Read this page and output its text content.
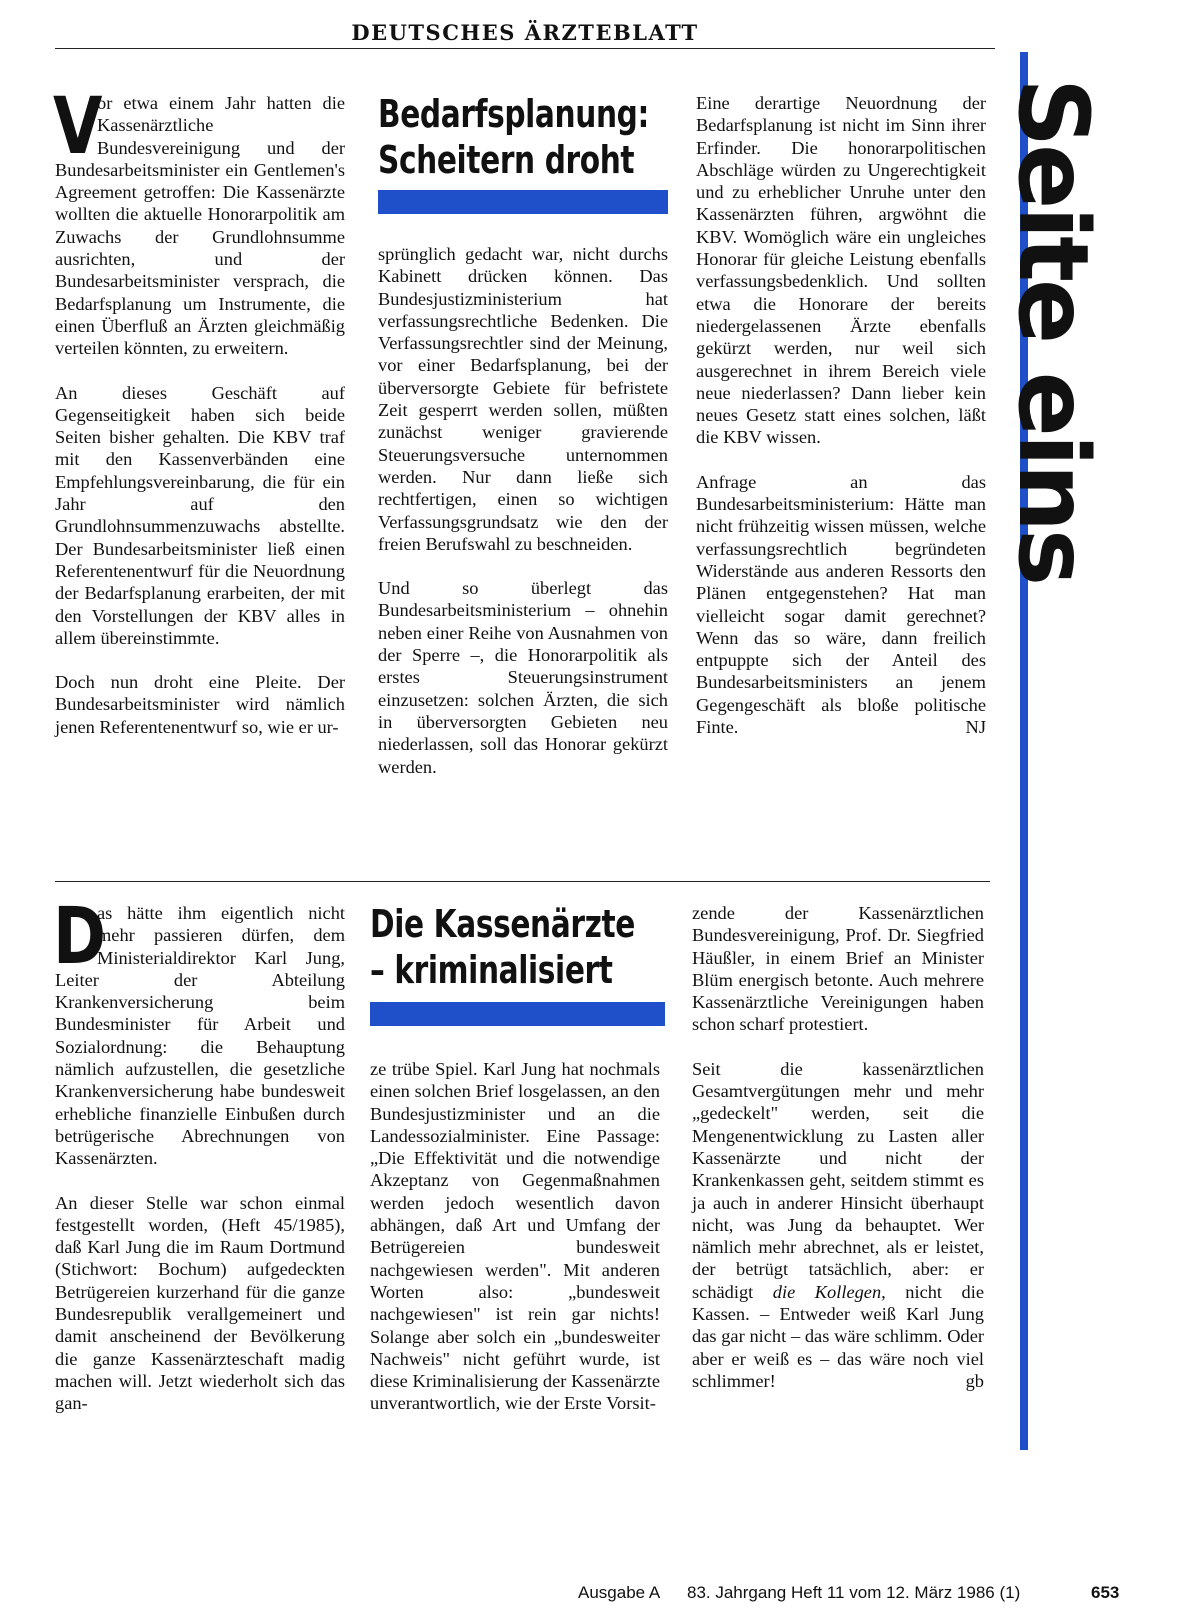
DEUTSCHES ÄRZTEBLATT
Seite eins

V
or etwa einem Jahr hatten die Kassenärztliche Bundesvereinigung und der Bundesarbeitsminister ein Gentlemen's Agreement getroffen: Die Kassenärzte wollten die aktuelle Honorarpolitik am Zuwachs der Grundlohnsumme ausrichten, und der Bundesarbeitsminister versprach, die Bedarfsplanung um Instrumente, die einen Überfluß an Ärzten gleichmäßig verteilen könnten, zu erweitern.

An dieses Geschäft auf Gegenseitigkeit haben sich beide Seiten bisher gehalten. Die KBV traf mit den Kassenverbänden eine Empfehlungsvereinbarung, die für ein Jahr auf den Grundlohnsummenzuwachs abstellte. Der Bundesarbeitsminister ließ einen Referentenentwurf für die Neuordnung der Bedarfsplanung erarbeiten, der mit den Vorstellungen der KBV alles in allem übereinstimmte.

Doch nun droht eine Pleite. Der Bundesarbeitsminister wird nämlich jenen Referentenentwurf so, wie er ur-

Bedarfsplanung:
Scheitern droht

sprünglich gedacht war, nicht durchs Kabinett drücken können. Das Bundesjustizministerium hat verfassungsrechtliche Bedenken. Die Verfassungsrechtler sind der Meinung, vor einer Bedarfsplanung, bei der überversorgte Gebiete für befristete Zeit gesperrt werden sollen, müßten zunächst weniger gravierende Steuerungsversuche unternommen werden. Nur dann ließe sich rechtfertigen, einen so wichtigen Verfassungsgrundsatz wie den der freien Berufswahl zu beschneiden.

Und so überlegt das Bundesarbeitsministerium – ohnehin neben einer Reihe von Ausnahmen von der Sperre –, die Honorarpolitik als erstes Steuerungsinstrument einzusetzen: solchen Ärzten, die sich in überversorgten Gebieten neu niederlassen, soll das Honorar gekürzt werden.

Eine derartige Neuordnung der Bedarfsplanung ist nicht im Sinn ihrer Erfinder. Die honorarpolitischen Abschläge würden zu Ungerechtigkeit und zu erheblicher Unruhe unter den Kassenärzten führen, argwöhnt die KBV. Womöglich wäre ein ungleiches Honorar für gleiche Leistung ebenfalls verfassungsbedenklich. Und sollten etwa die Honorare der bereits niedergelassenen Ärzte ebenfalls gekürzt werden, nur weil sich ausgerechnet in ihrem Bereich viele neue niederlassen? Dann lieber kein neues Gesetz statt eines solchen, läßt die KBV wissen.

Anfrage an das Bundesarbeitsministerium: Hätte man nicht frühzeitig wissen müssen, welche verfassungsrechtlich begründeten Widerstände aus anderen Ressorts den Plänen entgegenstehen? Hat man vielleicht sogar damit gerechnet? Wenn das so wäre, dann freilich entpuppte sich der Anteil des Bundesarbeitsministers an jenem Gegengeschäft als bloße politische Finte.	NJ

D
as hätte ihm eigentlich nicht mehr passieren dürfen, dem Ministerialdirektor Karl Jung, Leiter der Abteilung Krankenversicherung beim Bundesminister für Arbeit und Sozialordnung: die Behauptung nämlich aufzustellen, die gesetzliche Krankenversicherung habe bundesweit erhebliche finanzielle Einbußen durch betrügerische Abrechnungen von Kassenärzten.

An dieser Stelle war schon einmal festgestellt worden, (Heft 45/1985), daß Karl Jung die im Raum Dortmund (Stichwort: Bochum) aufgedeckten Betrügereien kurzerhand für die ganze Bundesrepublik verallgemeinert und damit anscheinend der Bevölkerung die ganze Kassenärzteschaft madig machen will. Jetzt wiederholt sich das gan-

Die Kassenärzte
– kriminalisiert

ze trübe Spiel. Karl Jung hat nochmals einen solchen Brief losgelassen, an den Bundesjustizminister und an die Landessozialminister. Eine Passage: „Die Effektivität und die notwendige Akzeptanz von Gegenmaßnahmen werden jedoch wesentlich davon abhängen, daß Art und Umfang der Betrügereien bundesweit nachgewiesen werden". Mit anderen Worten also: „bundesweit nachgewiesen" ist rein gar nichts! Solange aber solch ein „bundesweiter Nachweis" nicht geführt wurde, ist diese Kriminalisierung der Kassenärzte unverantwortlich, wie der Erste Vorsit-

zende der Kassenärztlichen Bundesvereinigung, Prof. Dr. Siegfried Häußler, in einem Brief an Minister Blüm energisch betonte. Auch mehrere Kassenärztliche Vereinigungen haben schon scharf protestiert.

Seit die kassenärztlichen Gesamtvergütungen mehr und mehr „gedeckelt" werden, seit die Mengenentwicklung zu Lasten aller Kassenärzte und nicht der Krankenkassen geht, seitdem stimmt es ja auch in anderer Hinsicht überhaupt nicht, was Jung da behauptet. Wer nämlich mehr abrechnet, als er leistet, der betrügt tatsächlich, aber: er schädigt die Kollegen, nicht die Kassen. – Entweder weiß Karl Jung das gar nicht – das wäre schlimm. Oder aber er weiß es – das wäre noch viel schlimmer!	gb

Ausgabe A 83. Jahrgang Heft 11 vom 12. März 1986 (1)	653
